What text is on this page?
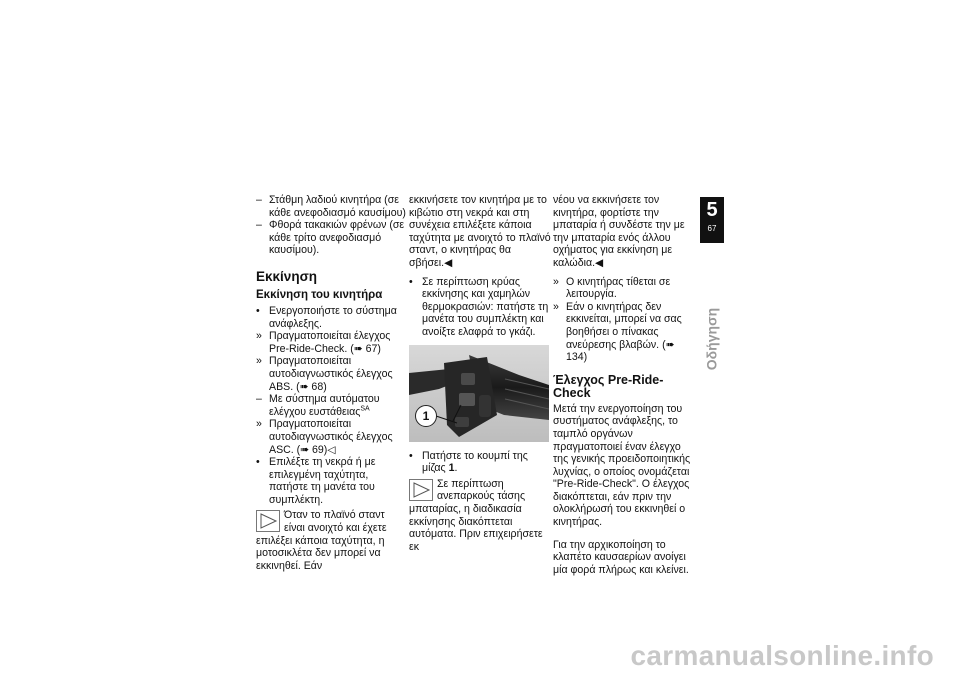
– Στάθμη λαδιού κινητήρα (σε κάθε ανεφοδιασμό καυσίμου)
– Φθορά τακακιών φρένων (σε κάθε τρίτο ανεφοδιασμό καυσίμου).
Εκκίνηση
Εκκίνηση του κινητήρα
• Ενεργοποιήστε το σύστημα ανάφλεξης.
» Πραγματοποιείται έλεγχος Pre-Ride-Check. (➠ 67)
» Πραγματοποιείται αυτοδιαγνωστικός έλεγχος ABS. (➠ 68)
– Με σύστημα αυτόματου ελέγχου ευστάθειας$^{SA}$
» Πραγματοποιείται αυτοδιαγνωστικός έλεγχος ASC. (➠ 69)◁
• Επιλέξτε τη νεκρά ή με επιλεγμένη ταχύτητα, πατήστε τη μανέτα του συμπλέκτη.
Όταν το πλαϊνό σταντ είναι ανοιχτό και έχετε επιλέξει κάποια ταχύτητα, η μοτοσικλέτα δεν μπορεί να εκκινηθεί. Εάν

εκκινήσετε τον κινητήρα με το κιβώτιο στη νεκρά και στη συνέχεια επιλέξετε κάποια ταχύτητα με ανοιχτό το πλαϊνό σταντ, ο κινητήρας θα σβήσει.◀

• Σε περίπτωση κρύας εκκίνησης και χαμηλών θερμοκρασιών: πατήστε τη μανέτα του συμπλέκτη και ανοίξτε ελαφρά το γκάζι.
1
• Πατήστε το κουμπί της μίζας 1.
Σε περίπτωση ανεπαρκούς τάσης μπαταρίας, η διαδικασία εκκίνησης διακόπτεται αυτόματα. Πριν επιχειρήσετε εκ

νέου να εκκινήσετε τον κινητήρα, φορτίστε την μπαταρία ή συνδέστε την με την μπαταρία ενός άλλου οχήματος για εκκίνηση με καλώδια.◀

» Ο κινητήρας τίθεται σε λειτουργία.
» Εάν ο κινητήρας δεν εκκινείται, μπορεί να σας βοηθήσει ο πίνακας ανεύρεσης βλαβών. (➠ 134)
Έλεγχος Pre-Ride-Check

Μετά την ενεργοποίηση του συστήματος ανάφλεξης, το ταμπλό οργάνων πραγματοποιεί έναν έλεγχο της γενικής προειδοποιητικής λυχνίας, ο οποίος ονομάζεται "Pre-Ride-Check". Ο έλεγχος διακόπτεται, εάν πριν την ολοκλήρωσή του εκκινηθεί ο κινητήρας.

Για την αρχικοποίηση το κλαπέτο καυσαερίων ανοίγει μία φορά πλήρως και κλείνει.

5
67
Οδήγηση
carmanualsonline.info
